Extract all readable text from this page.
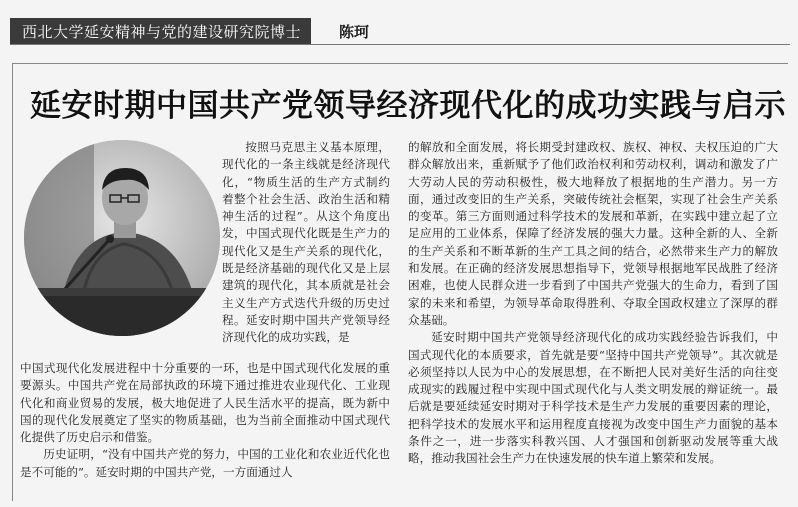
西北大学延安精神与党的建设研究院博士	陈珂
延安时期中国共产党领导经济现代化的成功实践与启示

按照马克思主义基本原理，现代化的一条主线就是经济现代化，“物质生活的生产方式制约着整个社会生活、政治生活和精神生活的过程”。从这个角度出发，中国式现代化既是生产力的现代化又是生产关系的现代化，既是经济基础的现代化又是上层建筑的现代化，其本质就是社会主义生产方式迭代升级的历史过程。延安时期中国共产党领导经济现代化的成功实践，是

中国式现代化发展进程中十分重要的一环，也是中国式现代化发展的重要源头。中国共产党在局部执政的环境下通过推进农业现代化、工业现代化和商业贸易的发展，极大地促进了人民生活水平的提高，既为新中国的现代化发展奠定了坚实的物质基础，也为当前全面推动中国式现代化提供了历史启示和借鉴。

历史证明，“没有中国共产党的努力，中国的工业化和农业近代化也是不可能的”。延安时期的中国共产党，一方面通过人

的解放和全面发展，将长期受封建政权、族权、神权、夫权压迫的广大群众解放出来，重新赋予了他们政治权利和劳动权利，调动和激发了广大劳动人民的劳动积极性，极大地释放了根据地的生产潜力。另一方面，通过改变旧的生产关系，突破传统社会框架，实现了社会生产关系的变革。第三方面则通过科学技术的发展和革新，在实践中建立起了立足应用的工业体系，保障了经济发展的强大力量。这种全新的人、全新的生产关系和不断革新的生产工具之间的结合，必然带来生产力的解放和发展。在正确的经济发展思想指导下，党领导根据地军民战胜了经济困难，也使人民群众进一步看到了中国共产党强大的生命力，看到了国家的未来和希望，为领导革命取得胜利、夺取全国政权建立了深厚的群众基础。

延安时期中国共产党领导经济现代化的成功实践经验告诉我们，中国式现代化的本质要求，首先就是要“坚持中国共产党领导”。其次就是必须坚持以人民为中心的发展思想，在不断把人民对美好生活的向往变成现实的践履过程中实现中国式现代化与人类文明发展的辩证统一。最后就是要延续延安时期对于科学技术是生产力发展的重要因素的理论，把科学技术的发展水平和运用程度直接视为改变中国生产力面貌的基本条件之一，进一步落实科教兴国、人才强国和创新驱动发展等重大战略，推动我国社会生产力在快速发展的快车道上繁荣和发展。
